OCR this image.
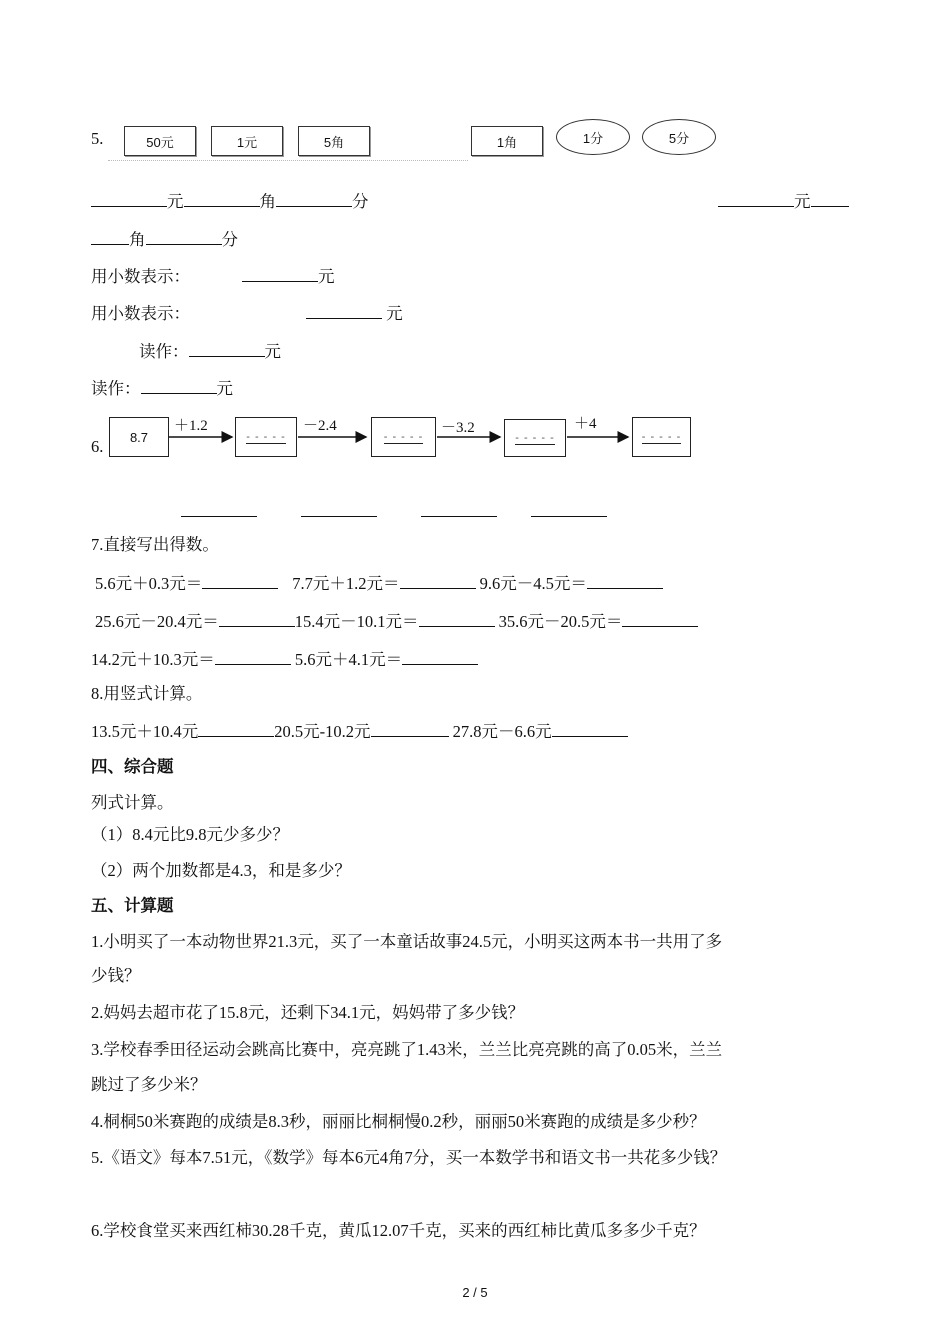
5.	50元	1元	5角	1角	1分	5分
元	角	分	元
角	分
用小数表示：	元
用小数表示：	元
读作：	元
读作：	元
6. 8.7
＋1.2	－2.4	－3.2	＋4
- - - - -	- - - - -	- - - - -	- - - - -
7.直接写出得数。
5.6元＋0.3元＝	7.7元＋1.2元＝	9.6元－4.5元＝
25.6元－20.4元＝	15.4元－10.1元＝	35.6元－20.5元＝
14.2元＋10.3元＝	5.6元＋4.1元＝
8.用竖式计算。
13.5元＋10.4元	20.5元-10.2元	27.8元－6.6元
四、综合题
列式计算。
（1）8.4元比9.8元少多少？
（2）两个加数都是4.3，和是多少？
五、计算题
1.小明买了一本动物世界21.3元，买了一本童话故事24.5元，小明买这两本书一共用了多
少钱？
2.妈妈去超市花了15.8元，还剩下34.1元，妈妈带了多少钱？
3.学校春季田径运动会跳高比赛中，亮亮跳了1.43米，兰兰比亮亮跳的高了0.05米，兰兰
跳过了多少米？
4.桐桐50米赛跑的成绩是8.3秒，丽丽比桐桐慢0.2秒，丽丽50米赛跑的成绩是多少秒？
5.《语文》每本7.51元，《数学》每本6元4角7分，买一本数学书和语文书一共花多少钱？
6.学校食堂买来西红柿30.28千克，黄瓜12.07千克，买来的西红柿比黄瓜多多少千克？
2 / 5
